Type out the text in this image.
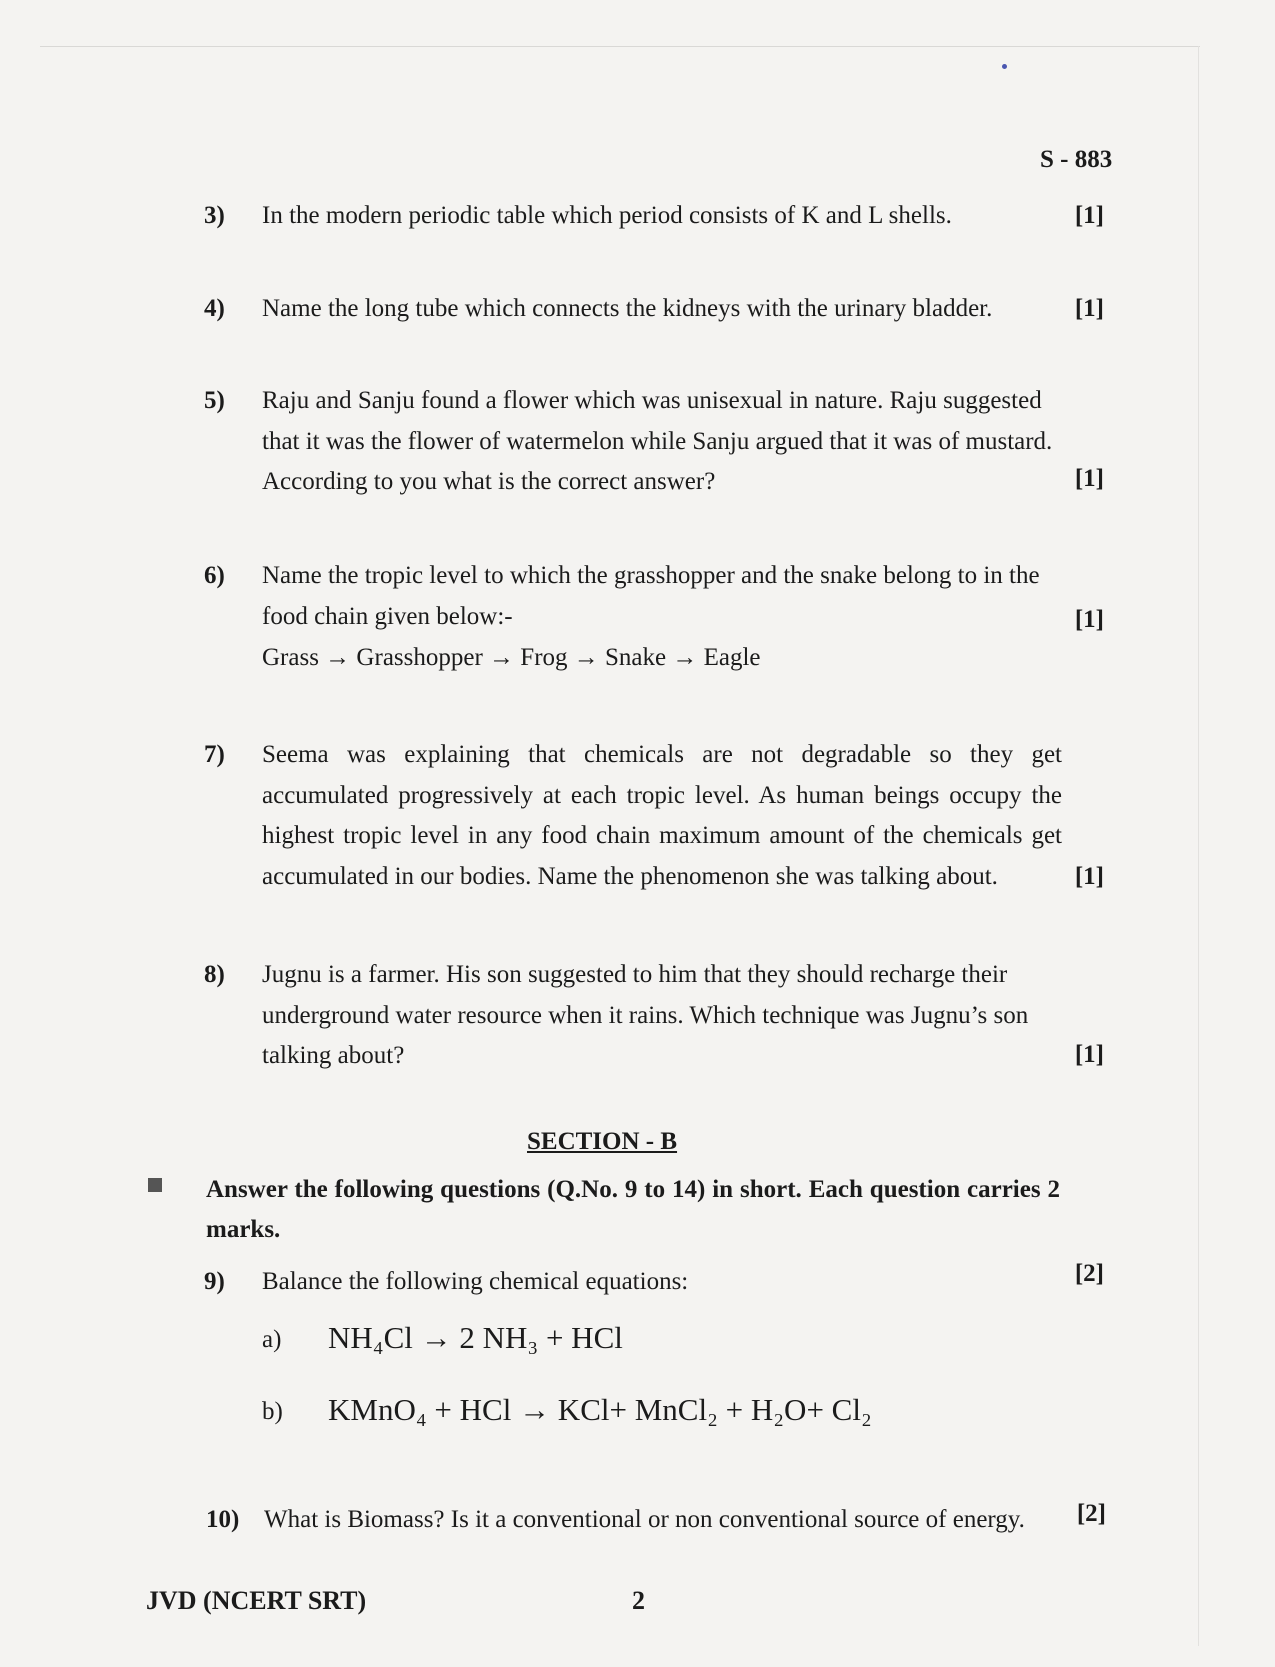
S - 883
3) In the modern periodic table which period consists of K and L shells.	[1]
4) Name the long tube which connects the kidneys with the urinary bladder.	[1]
5) Raju and Sanju found a flower which was unisexual in nature. Raju suggested that it was the flower of watermelon while Sanju argued that it was of mustard. According to you what is the correct answer?	[1]
6) Name the tropic level to which the grasshopper and the snake belong to in the food chain given below:-	[1]
Grass → Grasshopper → Frog → Snake → Eagle
7) Seema was explaining that chemicals are not degradable so they get accumulated progressively at each tropic level. As human beings occupy the highest tropic level in any food chain maximum amount of the chemicals get accumulated in our bodies. Name the phenomenon she was talking about.	[1]
8) Jugnu is a farmer. His son suggested to him that they should recharge their underground water resource when it rains. Which technique was Jugnu’s son talking about?	[1]
SECTION - B
Answer the following questions (Q.No. 9 to 14) in short. Each question carries 2 marks.
9) Balance the following chemical equations:	[2]
a) NH₄Cl → 2 NH₃ + HCl
b) KMnO₄ + HCl → KCl+ MnCl₂ + H₂O+ Cl₂
10) What is Biomass? Is it a conventional or non conventional source of energy.	[2]
JVD (NCERT SRT)	2
